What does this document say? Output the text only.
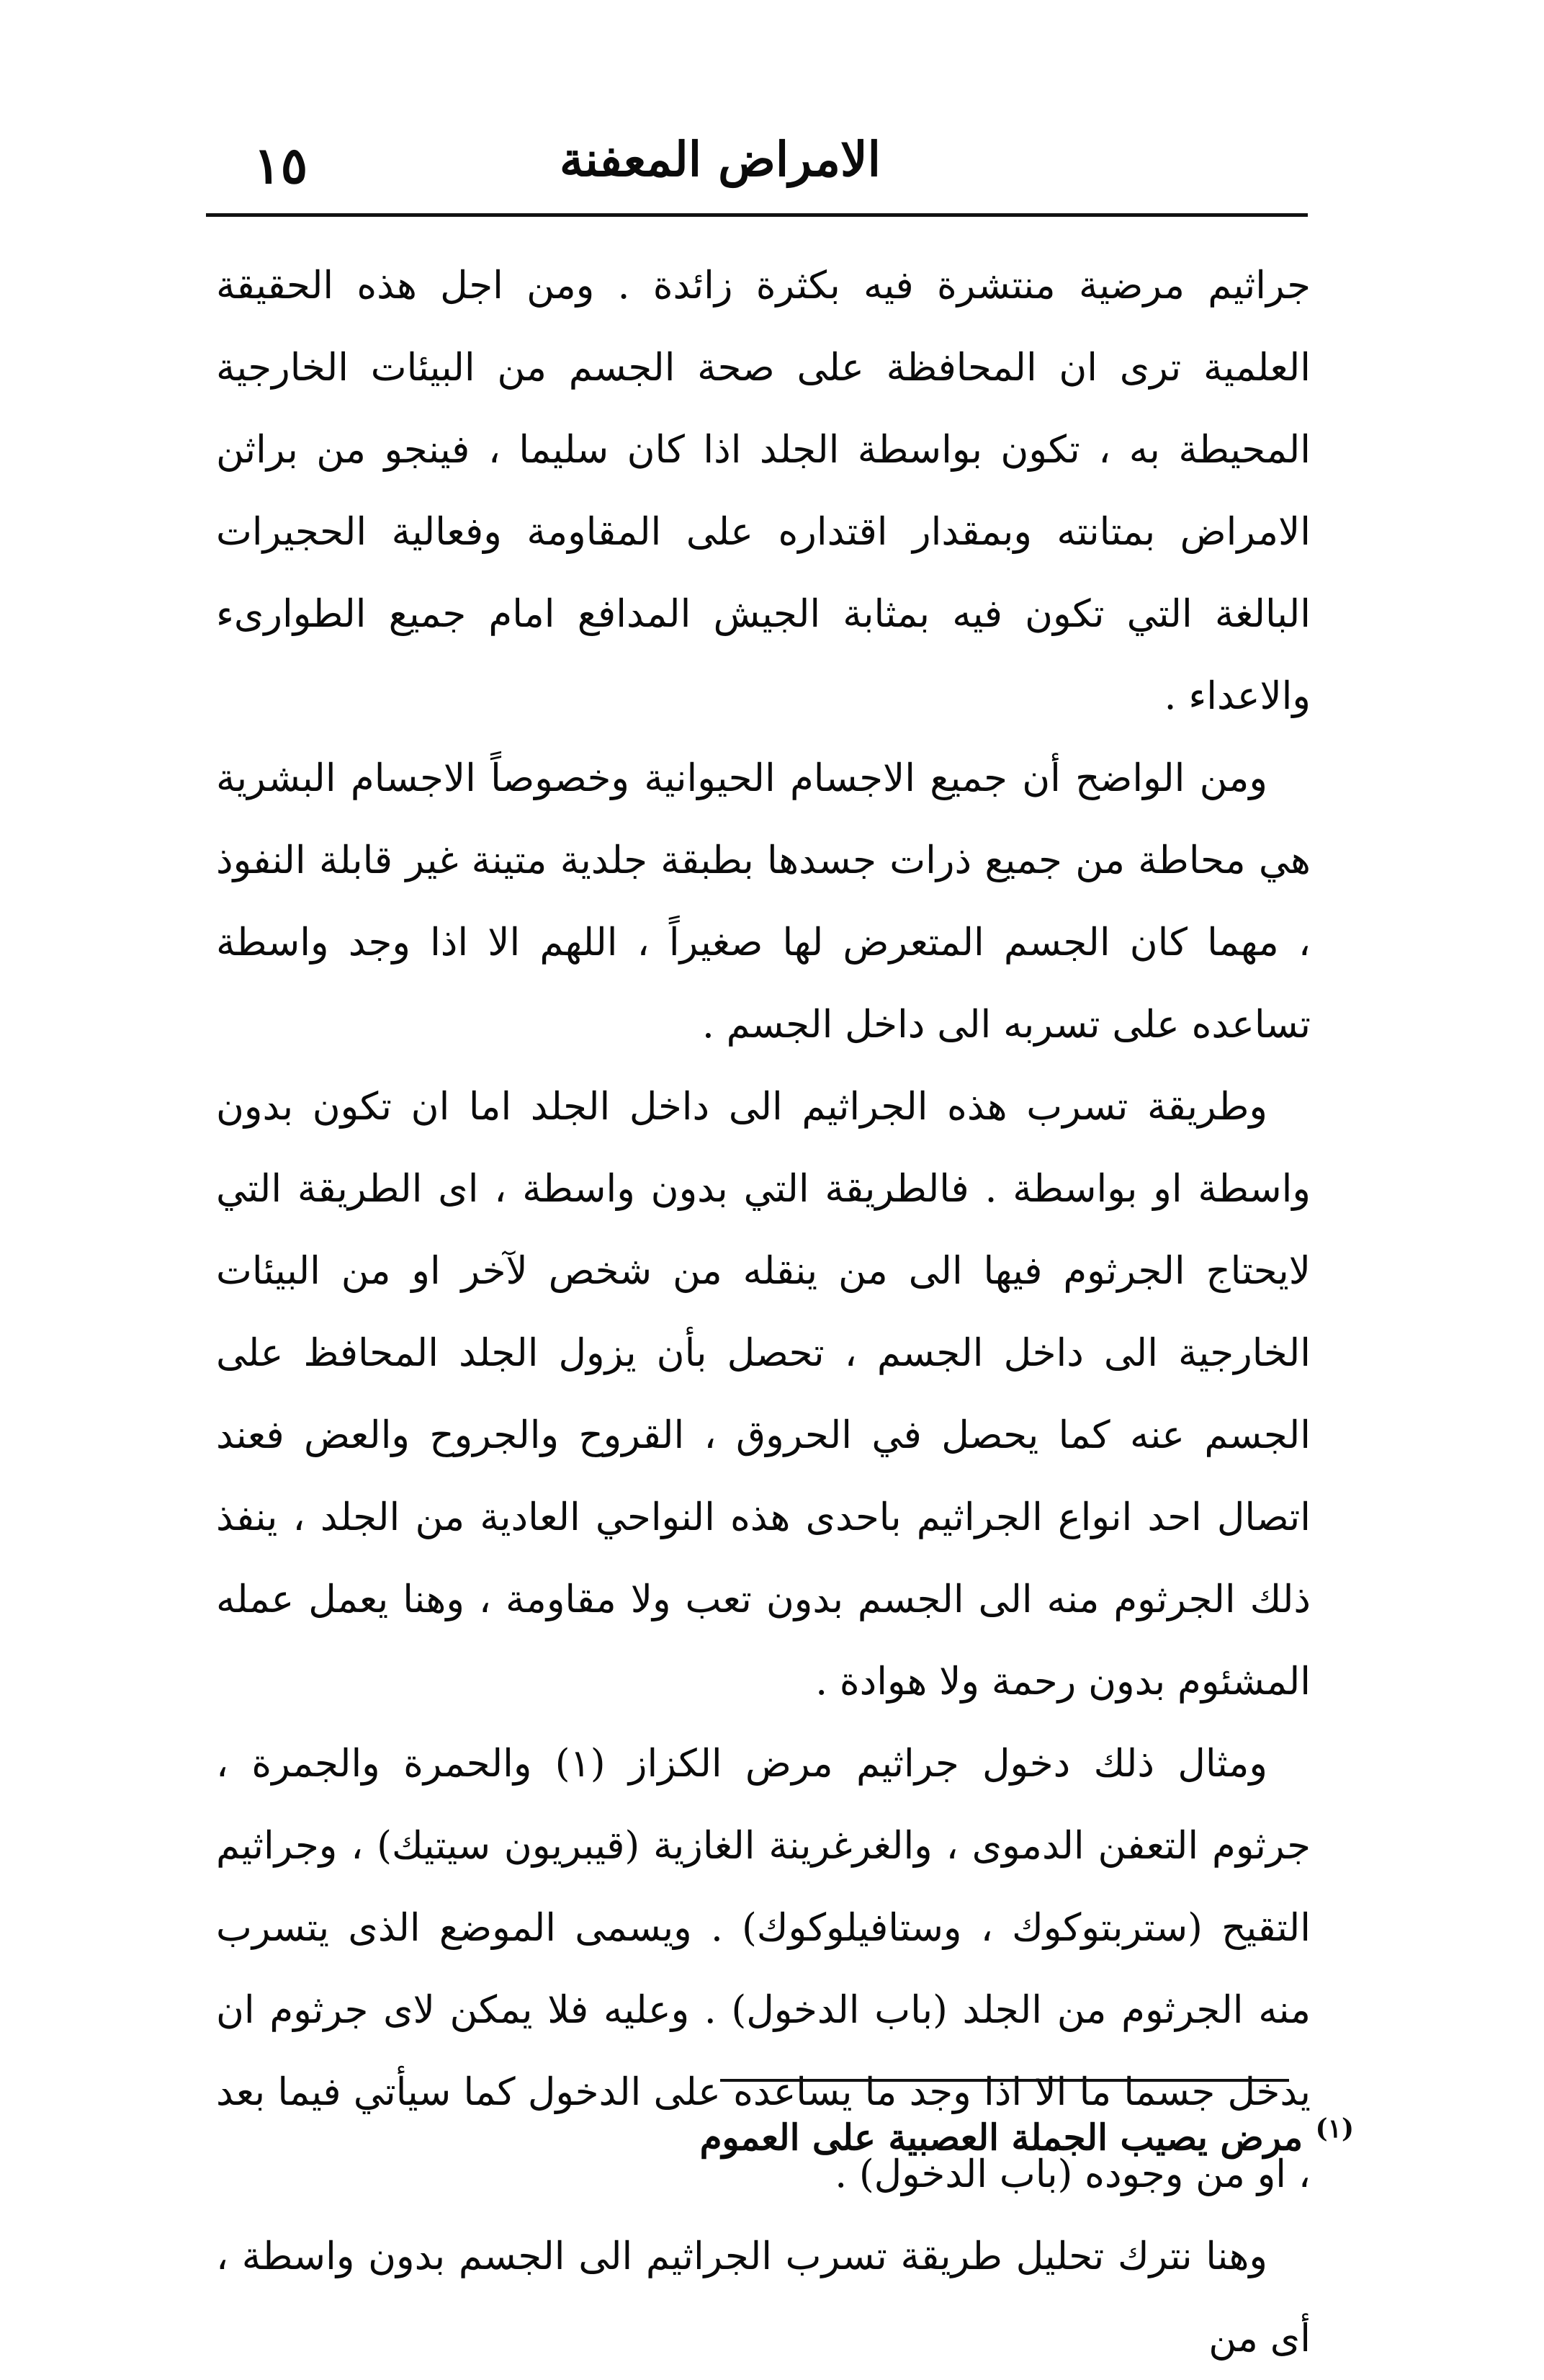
١٥	الامراض المعفنة

جراثيم مرضية منتشرة فيه بكثرة زائدة . ومن اجل هذه الحقيقة العلمية ترى ان المحافظة على صحة الجسم من البيئات الخارجية المحيطة به ، تكون بواسطة الجلد اذا كان سليما ، فينجو من براثن الامراض بمتانته وبمقدار اقتداره على المقاومة وفعالية الحجيرات البالغة التي تكون فيه بمثابة الجيش المدافع امام جميع الطوارىء والاعداء .

ومن الواضح أن جميع الاجسام الحيوانية وخصوصاً الاجسام البشرية هي محاطة من جميع ذرات جسدها بطبقة جلدية متينة غير قابلة النفوذ ، مهما كان الجسم المتعرض لها صغيراً ، اللهم الا اذا وجد واسطة تساعده على تسربه الى داخل الجسم .

وطريقة تسرب هذه الجراثيم الى داخل الجلد اما ان تكون بدون واسطة او بواسطة . فالطريقة التي بدون واسطة ، اى الطريقة التي لايحتاج الجرثوم فيها الى من ينقله من شخص لآخر او من البيئات الخارجية الى داخل الجسم ، تحصل بأن يزول الجلد المحافظ على الجسم عنه كما يحصل في الحروق ، القروح والجروح والعض فعند اتصال احد انواع الجراثيم باحدى هذه النواحي العادية من الجلد ، ينفذ ذلك الجرثوم منه الى الجسم بدون تعب ولا مقاومة ، وهنا يعمل عمله المشئوم بدون رحمة ولا هوادة .

ومثال ذلك دخول جراثيم مرض الكزاز (١) والحمرة والجمرة ، جرثوم التعفن الدموى ، والغرغرينة الغازية (قيبريون سيتيك) ، وجراثيم التقيح (ستربتوكوك ، وستافيلوكوك) . ويسمى الموضع الذى يتسرب منه الجرثوم من الجلد (باب الدخول) . وعليه فلا يمكن لاى جرثوم ان يدخل جسما ما الا اذا وجد ما يساعده على الدخول كما سيأتي فيما بعد ، او من وجوده (باب الدخول) .

وهنا نترك تحليل طريقة تسرب الجراثيم الى الجسم بدون واسطة ، أى من

$^{(١)}$ مرض يصيب الجملة العصبية على العموم
